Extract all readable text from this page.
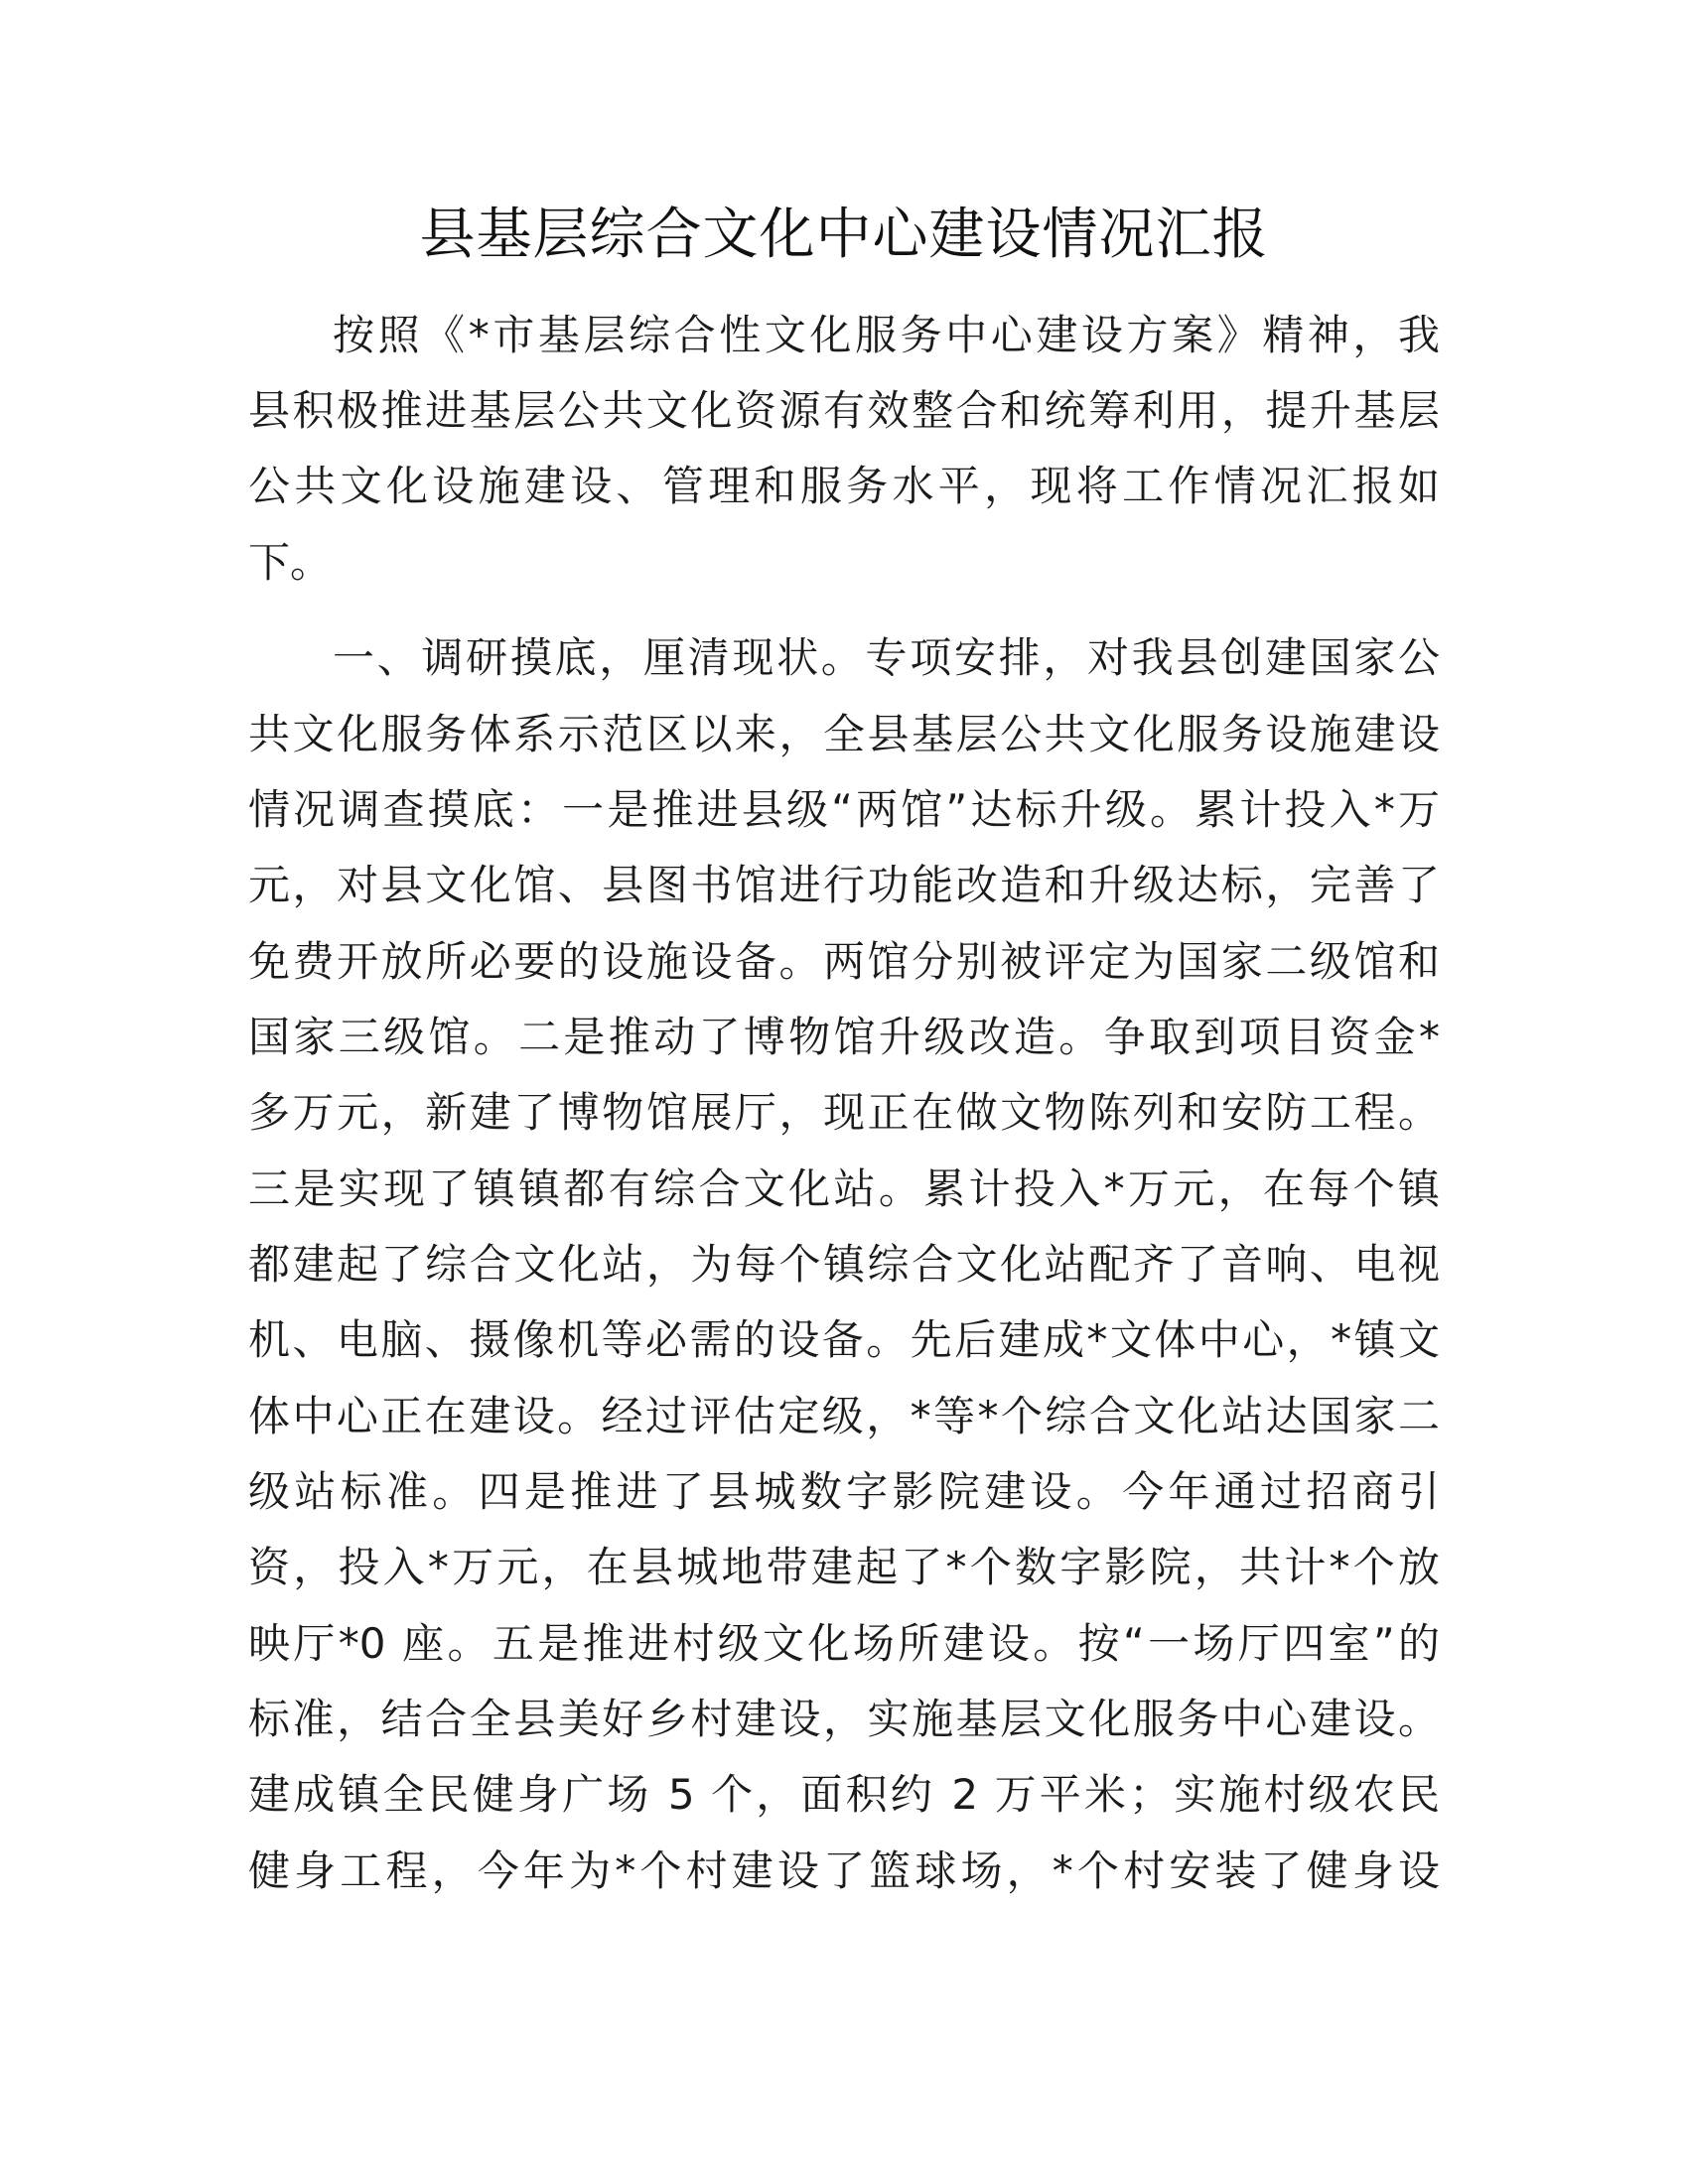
县基层综合文化中心建设情况汇报
按照《*市基层综合性文化服务中心建设方案》精神，我
县积极推进基层公共文化资源有效整合和统筹利用，提升基层
公共文化设施建设、管理和服务水平，现将工作情况汇报如
下。
一、调研摸底，厘清现状。专项安排，对我县创建国家公
共文化服务体系示范区以来，全县基层公共文化服务设施建设
情况调查摸底：一是推进县级“两馆”达标升级。累计投入*万
元，对县文化馆、县图书馆进行功能改造和升级达标，完善了
免费开放所必要的设施设备。两馆分别被评定为国家二级馆和
国家三级馆。二是推动了博物馆升级改造。争取到项目资金*
多万元，新建了博物馆展厅，现正在做文物陈列和安防工程。
三是实现了镇镇都有综合文化站。累计投入*万元，在每个镇
都建起了综合文化站，为每个镇综合文化站配齐了音响、电视
机、电脑、摄像机等必需的设备。先后建成*文体中心，*镇文
体中心正在建设。经过评估定级，*等*个综合文化站达国家二
级站标准。四是推进了县城数字影院建设。今年通过招商引
资，投入*万元，在县城地带建起了*个数字影院，共计*个放
映厅*0 座。五是推进村级文化场所建设。按“一场厅四室”的
标准，结合全县美好乡村建设，实施基层文化服务中心建设。
建成镇全民健身广场 5 个，面积约 2 万平米；实施村级农民
健身工程，今年为*个村建设了篮球场，*个村安装了健身设
